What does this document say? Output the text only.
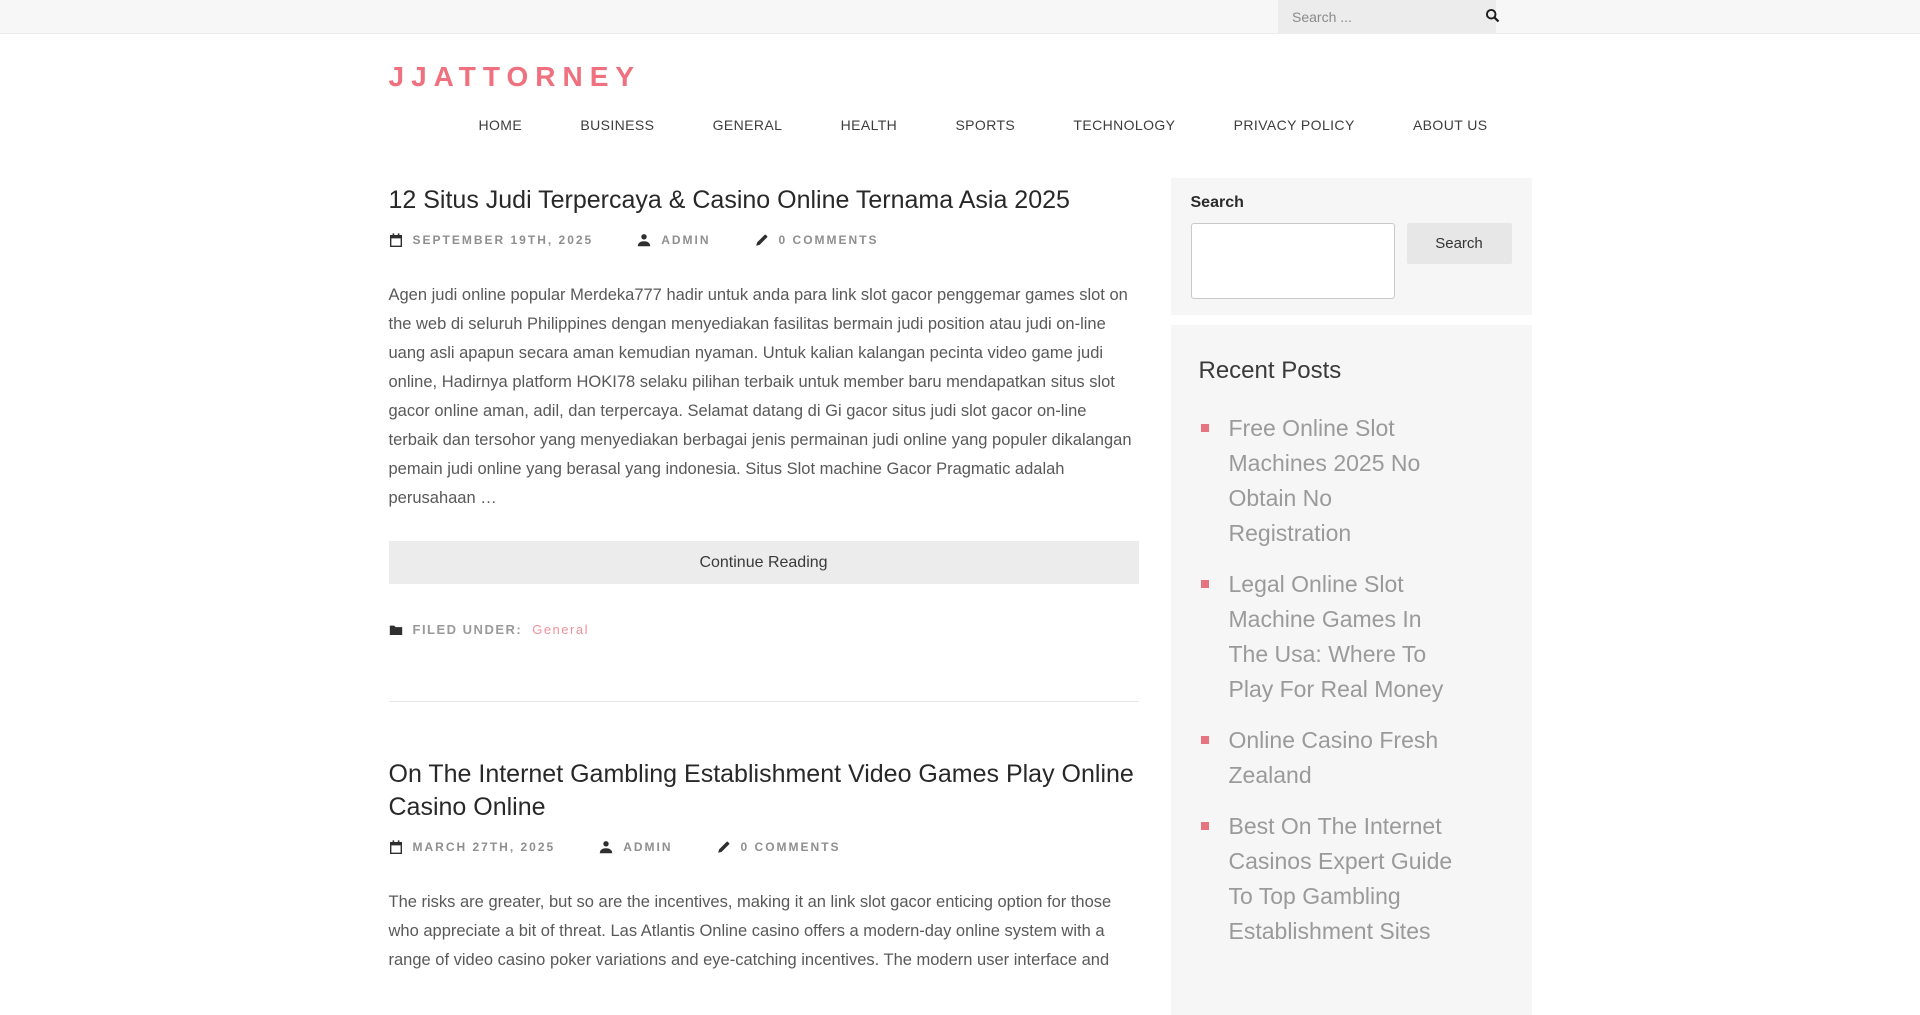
Search ...
JJATTORNEY
HOME	BUSINESS	GENERAL	HEALTH	SPORTS	TECHNOLOGY	PRIVACY POLICY	ABOUT US
12 Situs Judi Terpercaya & Casino Online Ternama Asia 2025
SEPTEMBER 19TH, 2025	ADMIN	0 COMMENTS

Agen judi online popular Merdeka777 hadir untuk anda para link slot gacor penggemar games slot on the web di seluruh Philippines dengan menyediakan fasilitas bermain judi position atau judi on-line uang asli apapun secara aman kemudian nyaman. Untuk kalian kalangan pecinta video game judi online, Hadirnya platform HOKI78 selaku pilihan terbaik untuk member baru mendapatkan situs slot gacor online aman, adil, dan terpercaya. Selamat datang di Gi gacor situs judi slot gacor on-line terbaik dan tersohor yang menyediakan berbagai jenis permainan judi online yang populer dikalangan pemain judi online yang berasal yang indonesia. Situs Slot machine Gacor Pragmatic adalah perusahaan …

Continue Reading
FILED UNDER: General
On The Internet Gambling Establishment Video Games Play Online Casino Online
MARCH 27TH, 2025	ADMIN	0 COMMENTS

The risks are greater, but so are the incentives, making it an link slot gacor enticing option for those who appreciate a bit of threat. Las Atlantis Online casino offers a modern-day online system with a range of video casino poker variations and eye-catching incentives. The modern user interface and

Search
Search
Recent Posts
Free Online Slot Machines 2025 No Obtain No Registration
Legal Online Slot Machine Games In The Usa: Where To Play For Real Money
Online Casino Fresh Zealand
Best On The Internet Casinos Expert Guide To Top Gambling Establishment Sites
